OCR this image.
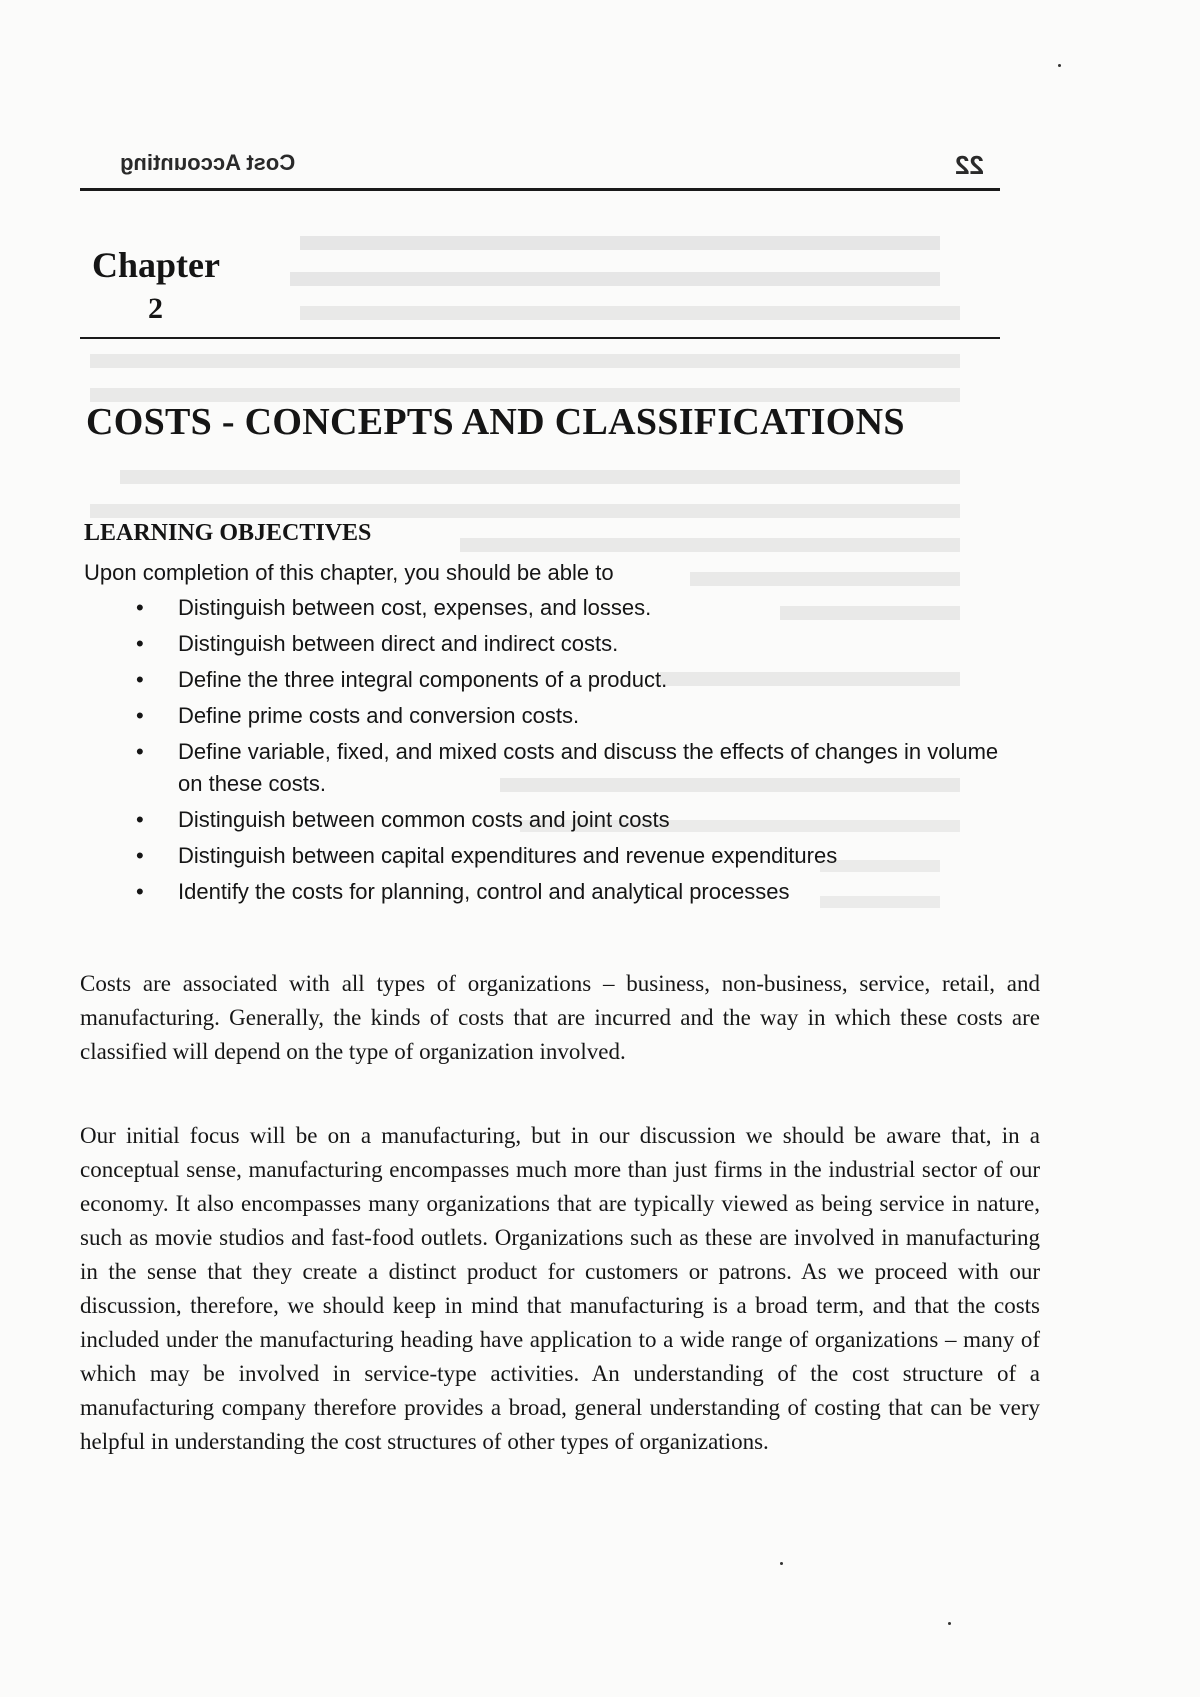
Cost Accounting	22
Chapter
2
COSTS - CONCEPTS AND CLASSIFICATIONS
LEARNING OBJECTIVES
Upon completion of this chapter, you should be able to
• Distinguish between cost, expenses, and losses.
• Distinguish between direct and indirect costs.
• Define the three integral components of a product.
• Define prime costs and conversion costs.
• Define variable, fixed, and mixed costs and discuss the effects of changes in volume on these costs.
• Distinguish between common costs and joint costs
• Distinguish between capital expenditures and revenue expenditures
• Identify the costs for planning, control and analytical processes

Costs are associated with all types of organizations – business, non-business, service, retail, and manufacturing. Generally, the kinds of costs that are incurred and the way in which these costs are classified will depend on the type of organization involved.

Our initial focus will be on a manufacturing, but in our discussion we should be aware that, in a conceptual sense, manufacturing encompasses much more than just firms in the industrial sector of our economy. It also encompasses many organizations that are typically viewed as being service in nature, such as movie studios and fast-food outlets. Organizations such as these are involved in manufacturing in the sense that they create a distinct product for customers or patrons. As we proceed with our discussion, therefore, we should keep in mind that manufacturing is a broad term, and that the costs included under the manufacturing heading have application to a wide range of organizations – many of which may be involved in service-type activities. An understanding of the cost structure of a manufacturing company therefore provides a broad, general understanding of costing that can be very helpful in understanding the cost structures of other types of organizations.
